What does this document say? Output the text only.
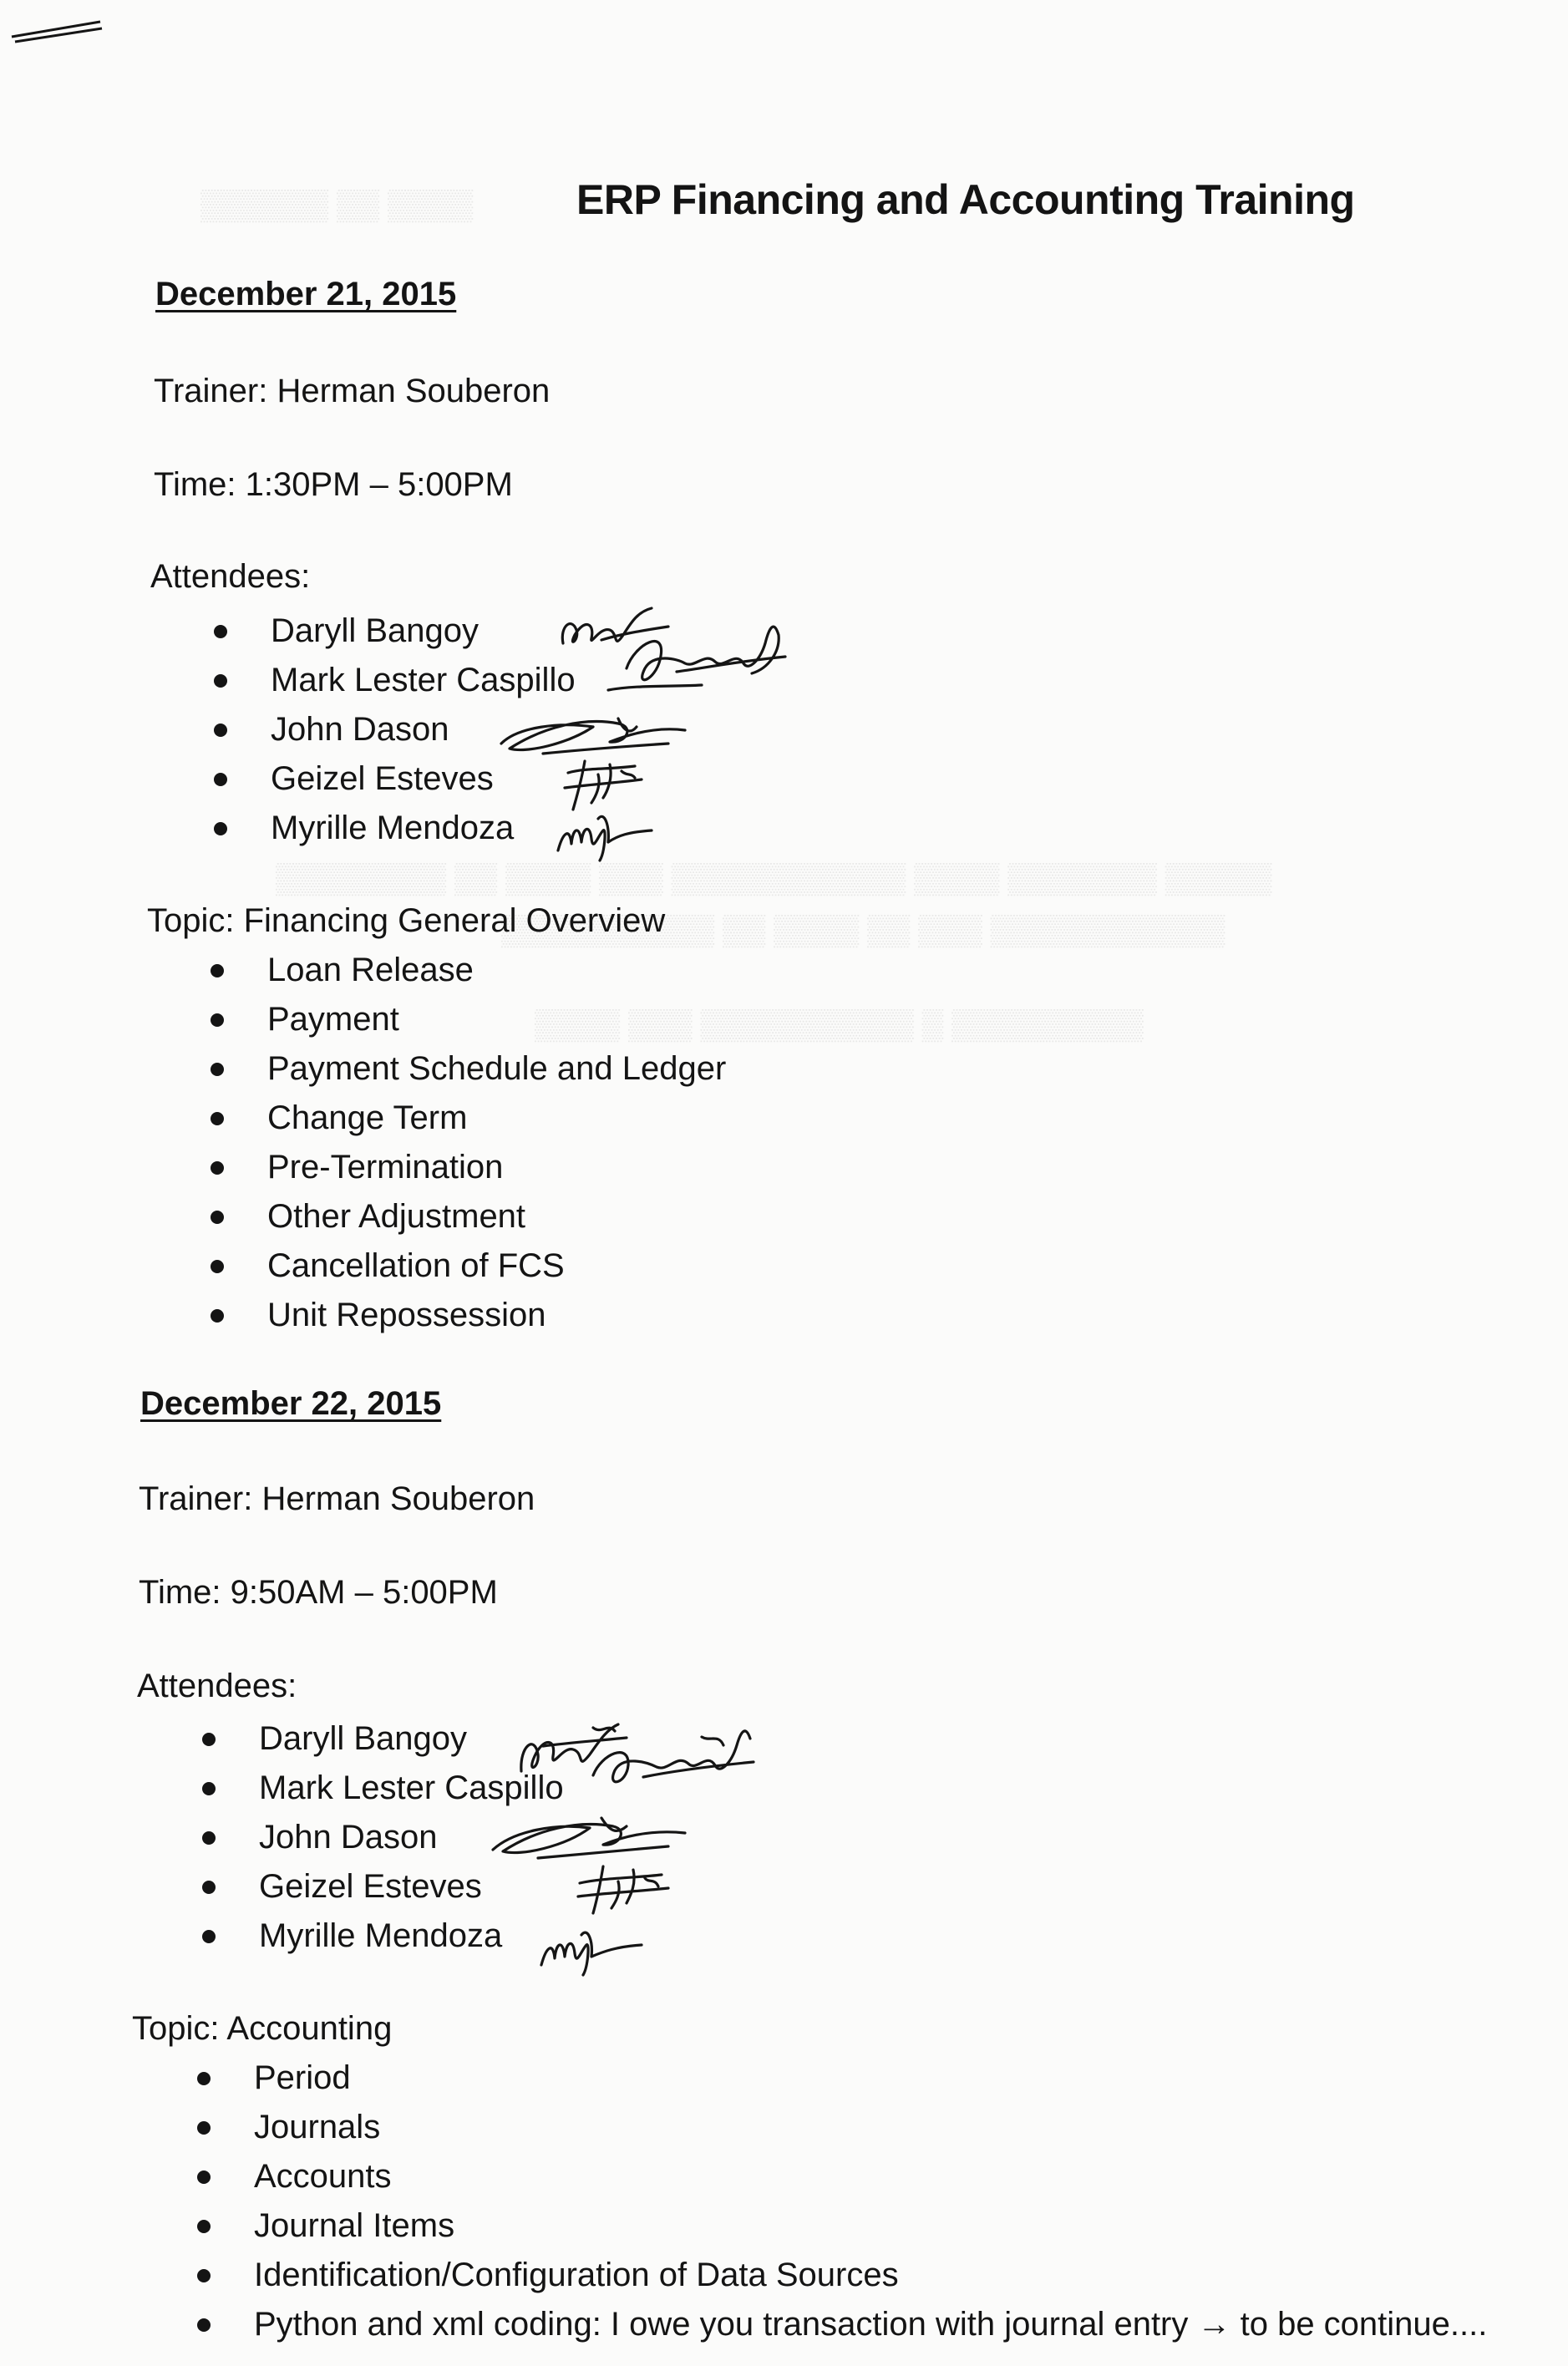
▒▒▒▒▒▒ ▒▒ ▒▒▒▒
▒▒▒▒▒▒▒▒ ▒▒ ▒▒▒▒ ▒▒▒ ▒▒▒▒▒▒▒▒▒▒▒ ▒▒▒▒ ▒▒▒▒▒▒▒ ▒▒▒▒▒
▒▒▒▒▒▒▒▒▒▒ ▒▒ ▒▒▒▒ ▒▒ ▒▒▒ ▒▒▒▒▒▒▒▒▒▒▒
▒▒▒▒ ▒▒▒ ▒▒▒▒▒▒▒▒▒▒ ▒ ▒▒▒▒▒▒▒▒▒
ERP Financing and Accounting Training

December 21, 2015

Trainer: Herman Souberon

Time: 1:30PM – 5:00PM

Attendees:

Daryll Bangoy
Mark Lester Caspillo
John Dason
Geizel Esteves
Myrille Mendoza

Topic: Financing General Overview

Loan Release
Payment
Payment Schedule and Ledger
Change Term
Pre-Termination
Other Adjustment
Cancellation of FCS
Unit Repossession

December 22, 2015

Trainer: Herman Souberon

Time: 9:50AM – 5:00PM

Attendees:

Daryll Bangoy
Mark Lester Caspillo
John Dason
Geizel Esteves
Myrille Mendoza

Topic: Accounting

Period
Journals
Accounts
Journal Items
Identification/Configuration of Data Sources
Python and xml coding: I owe you transaction with journal entry → to be continue....
